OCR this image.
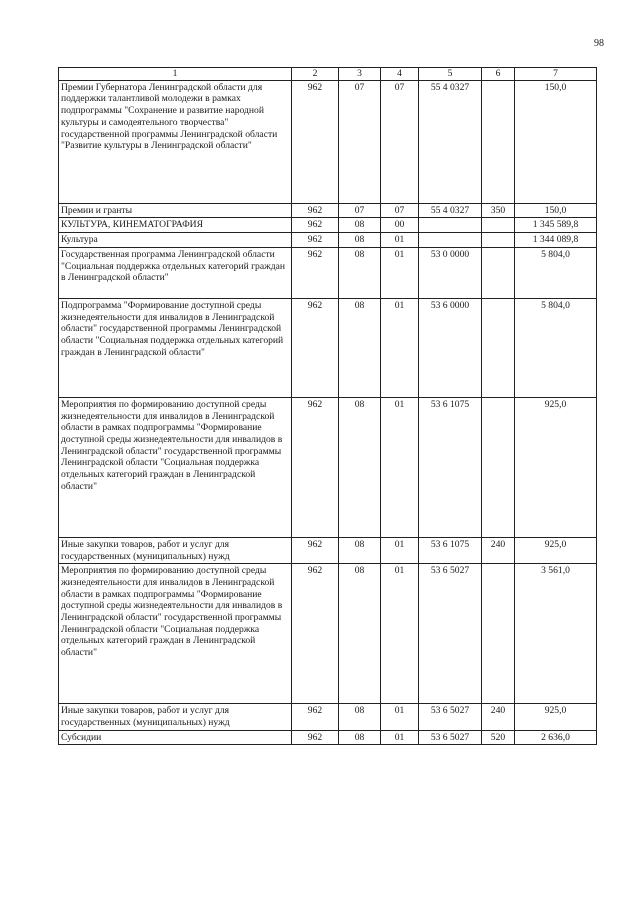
98
1	2	3	4	5	6	7
Премии Губернатора Ленинградской области для поддержки талантливой молодежи в рамках подпрограммы "Сохранение и развитие народной культуры и самодеятельного творчества" государственной программы Ленинградской области "Развитие культуры в Ленинградской области"	962	07	07	55 4 0327		150,0
Премии и гранты	962	07	07	55 4 0327	350	150,0
КУЛЬТУРА, КИНЕМАТОГРАФИЯ	962	08	00			1 345 589,8
Культура	962	08	01			1 344 089,8
Государственная программа Ленинградской области "Социальная поддержка отдельных категорий граждан в Ленинградской области"	962	08	01	53 0 0000		5 804,0
Подпрограмма "Формирование доступной среды жизнедеятельности для инвалидов в Ленинградской области" государственной программы Ленинградской области "Социальная поддержка отдельных категорий граждан в Ленинградской области"	962	08	01	53 6 0000		5 804,0
Мероприятия по формированию доступной среды жизнедеятельности для инвалидов в Ленинградской области в рамках подпрограммы "Формирование доступной среды жизнедеятельности для инвалидов в Ленинградской области" государственной программы Ленинградской области "Социальная поддержка отдельных категорий граждан в Ленинградской области"	962	08	01	53 6 1075		925,0
Иные закупки товаров, работ и услуг для государственных (муниципальных) нужд	962	08	01	53 6 1075	240	925,0
Мероприятия по формированию доступной среды жизнедеятельности для инвалидов в Ленинградской области в рамках подпрограммы "Формирование доступной среды жизнедеятельности для инвалидов в Ленинградской области" государственной программы Ленинградской области "Социальная поддержка отдельных категорий граждан в Ленинградской области"	962	08	01	53 6 5027		3 561,0
Иные закупки товаров, работ и услуг для государственных (муниципальных) нужд	962	08	01	53 6 5027	240	925,0
Субсидии	962	08	01	53 6 5027	520	2 636,0
